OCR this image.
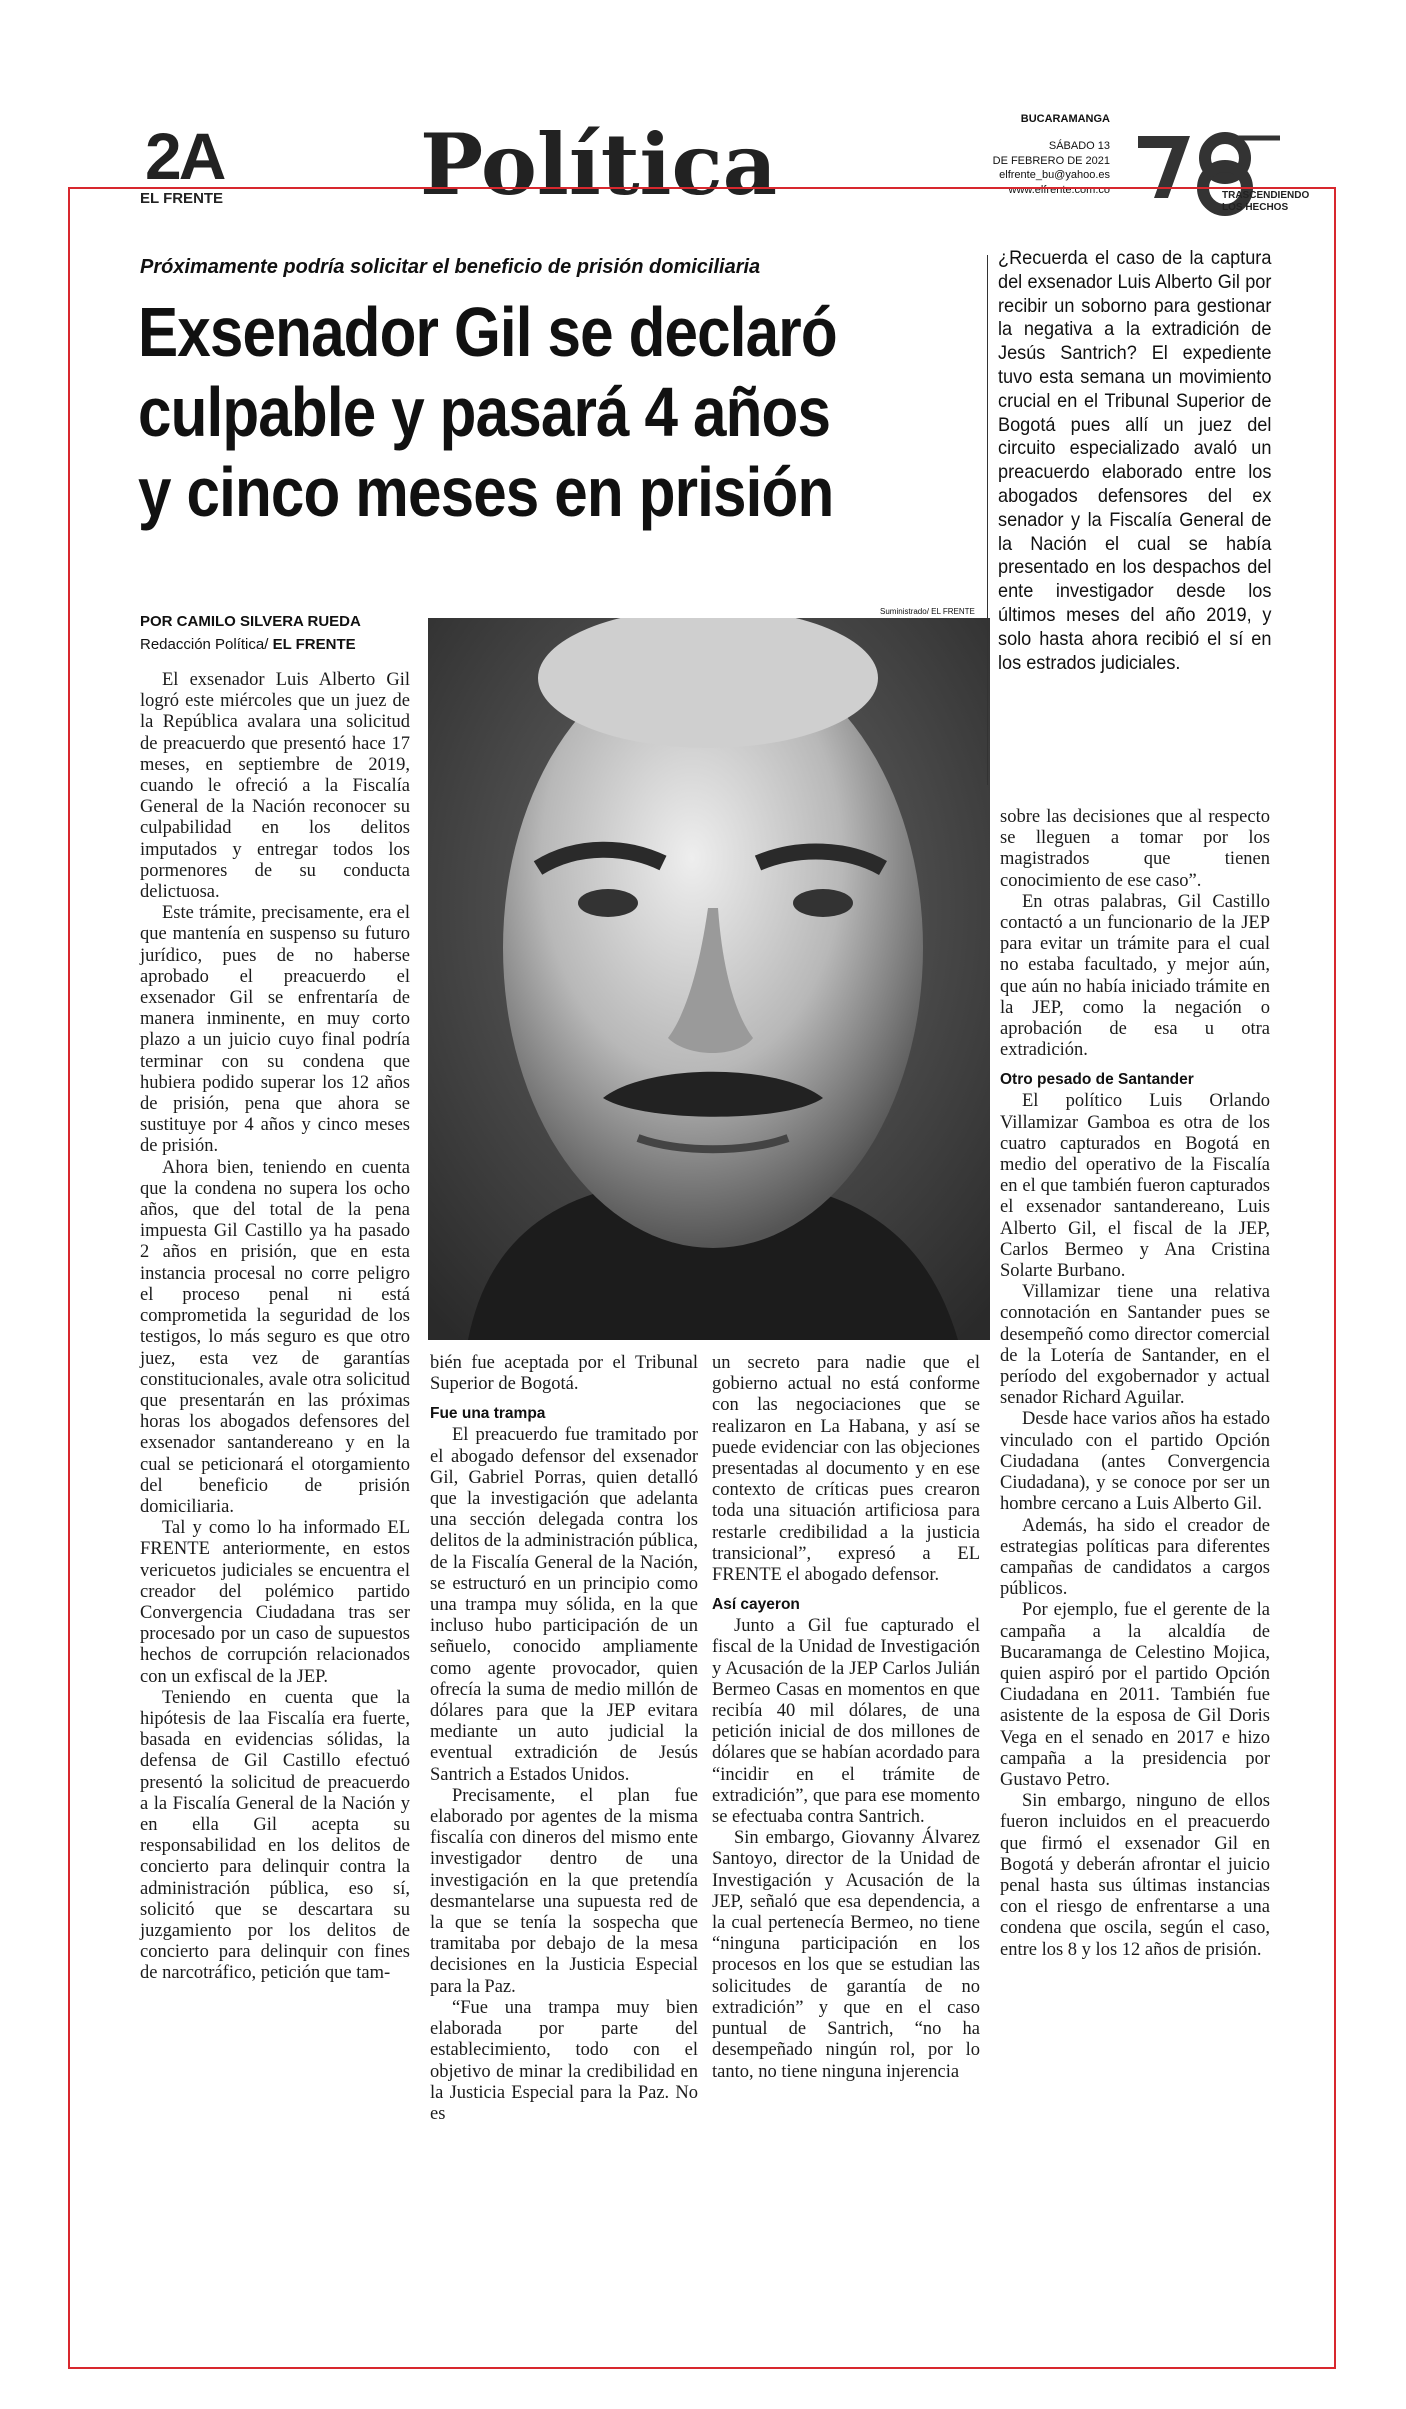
2A
EL FRENTE Política	BUCARAMANGA
SÁBADO 13
DE FEBRERO DE 2021
elfrente_bu@yahoo.es
www.elfrente.com.co
78
TRASCENDIENDO
LOS HECHOS
Próximamente podría solicitar el beneficio de prisión domiciliaria
Exsenador Gil se declaró
culpable y pasará 4 años
y cinco meses en prisión
POR CAMILO SILVERA RUEDA
Redacción Política/ EL FRENTE
Suministrado/ EL FRENTE
¿Recuerda el caso de la captura del exsenador Luis Alberto Gil por recibir un soborno para gestionar la negativa a la extradición de Jesús Santrich? El expediente tuvo esta semana un movimiento crucial en el Tribunal Superior de Bogotá pues allí un juez del circuito especializado avaló un preacuerdo elaborado entre los abogados defensores del ex senador y la Fiscalía General de la Nación el cual se había presentado en los despachos del ente investigador desde los últimos meses del año 2019, y solo hasta ahora recibió el sí en los estrados judiciales.

El exsenador Luis Alberto Gil logró este miércoles que un juez de la República avalara una solicitud de preacuerdo que presentó hace 17 meses, en septiembre de 2019, cuando le ofreció a la Fiscalía General de la Nación reconocer su culpabilidad en los delitos imputados y entregar todos los pormenores de su conducta delictuosa.

Este trámite, precisamente, era el que mantenía en suspenso su futuro jurídico, pues de no haberse aprobado el preacuerdo el exsenador Gil se enfrentaría de manera inminente, en muy corto plazo a un juicio cuyo final podría terminar con su condena que hubiera podido superar los 12 años de prisión, pena que ahora se sustituye por 4 años y cinco meses de prisión.

Ahora bien, teniendo en cuenta que la condena no supera los ocho años, que del total de la pena impuesta Gil Castillo ya ha pasado 2 años en prisión, que en esta instancia procesal no corre peligro el proceso penal ni está comprometida la seguridad de los testigos, lo más seguro es que otro juez, esta vez de garantías constitucionales, avale otra solicitud que presentarán en las próximas horas los abogados defensores del exsenador santandereano y en la cual se peticionará el otorgamiento del beneficio de prisión domiciliaria.

Tal y como lo ha informado EL FRENTE anteriormente, en estos vericuetos judiciales se encuentra el creador del polémico partido Convergencia Ciudadana tras ser procesado por un caso de supuestos hechos de corrupción relacionados con un exfiscal de la JEP.

Teniendo en cuenta que la hipótesis de laa Fiscalía era fuerte, basada en evidencias sólidas, la defensa de Gil Castillo efectuó presentó la solicitud de preacuerdo a la Fiscalía General de la Nación y en ella Gil acepta su responsabilidad en los delitos de concierto para delinquir contra la administración pública, eso sí, solicitó que se descartara su juzgamiento por los delitos de concierto para delinquir con fines de narcotráfico, petición que tam-

bién fue aceptada por el Tribunal Superior de Bogotá.

Fue una trampa

El preacuerdo fue tramitado por el abogado defensor del exsenador Gil, Gabriel Porras, quien detalló que la investigación que adelanta una sección delegada contra los delitos de la administración pública, de la Fiscalía General de la Nación, se estructuró en un principio como una trampa muy sólida, en la que incluso hubo participación de un señuelo, conocido ampliamente como agente provocador, quien ofrecía la suma de medio millón de dólares para que la JEP evitara mediante un auto judicial la eventual extradición de Jesús Santrich a Estados Unidos.

Precisamente, el plan fue elaborado por agentes de la misma fiscalía con dineros del mismo ente investigador dentro de una investigación en la que pretendía desmantelarse una supuesta red de la que se tenía la sospecha que tramitaba por debajo de la mesa decisiones en la Justicia Especial para la Paz.

“Fue una trampa muy bien elaborada por parte del establecimiento, todo con el objetivo de minar la credibilidad en la Justicia Especial para la Paz. No es

un secreto para nadie que el gobierno actual no está conforme con las negociaciones que se realizaron en La Habana, y así se puede evidenciar con las objeciones presentadas al documento y en ese contexto de críticas pues crearon toda una situación artificiosa para restarle credibilidad a la justicia transicional”, expresó a EL FRENTE el abogado defensor.

Así cayeron

Junto a Gil fue capturado el fiscal de la Unidad de Investigación y Acusación de la JEP Carlos Julián Bermeo Casas en momentos en que recibía 40 mil dólares, de una petición inicial de dos millones de dólares que se habían acordado para “incidir en el trámite de extradición”, que para ese momento se efectuaba contra Santrich.

Sin embargo, Giovanny Álvarez Santoyo, director de la Unidad de Investigación y Acusación de la JEP, señaló que esa dependencia, a la cual pertenecía Bermeo, no tiene “ninguna participación en los procesos en los que se estudian las solicitudes de garantía de no extradición” y que en el caso puntual de Santrich, “no ha desempeñado ningún rol, por lo tanto, no tiene ninguna injerencia

sobre las decisiones que al respecto se lleguen a tomar por los magistrados que tienen conocimiento de ese caso”.

En otras palabras, Gil Castillo contactó a un funcionario de la JEP para evitar un trámite para el cual no estaba facultado, y mejor aún, que aún no había iniciado trámite en la JEP, como la negación o aprobación de esa u otra extradición.

Otro pesado de Santander

El político Luis Orlando Villamizar Gamboa es otra de los cuatro capturados en Bogotá en medio del operativo de la Fiscalía en el que también fueron capturados el exsenador santandereano, Luis Alberto Gil, el fiscal de la JEP, Carlos Bermeo y Ana Cristina Solarte Burbano.

Villamizar tiene una relativa connotación en Santander pues se desempeñó como director comercial de la Lotería de Santander, en el período del exgobernador y actual senador Richard Aguilar.

Desde hace varios años ha estado vinculado con el partido Opción Ciudadana (antes Convergencia Ciudadana), y se conoce por ser un hombre cercano a Luis Alberto Gil.

Además, ha sido el creador de estrategias políticas para diferentes campañas de candidatos a cargos públicos.

Por ejemplo, fue el gerente de la campaña a la alcaldía de Bucaramanga de Celestino Mojica, quien aspiró por el partido Opción Ciudadana en 2011. También fue asistente de la esposa de Gil Doris Vega en el senado en 2017 e hizo campaña a la presidencia por Gustavo Petro.

Sin embargo, ninguno de ellos fueron incluidos en el preacuerdo que firmó el exsenador Gil en Bogotá y deberán afrontar el juicio penal hasta sus últimas instancias con el riesgo de enfrentarse a una condena que oscila, según el caso, entre los 8 y los 12 años de prisión.
